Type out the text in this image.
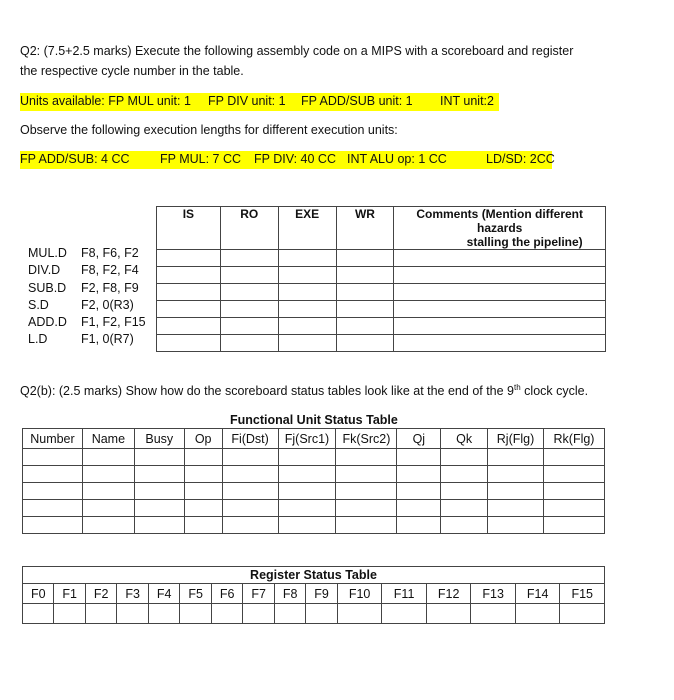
Q2: (7.5+2.5 marks) Execute the following assembly code on a MIPS with a scoreboard and register
the respective cycle number in the table.
Units available: FP MUL unit: 1 FP DIV unit: 1 FP ADD/SUB unit: 1 INT unit:2
Observe the following execution lengths for different execution units:
FP ADD/SUB: 4 CC FP MUL: 7 CC FP DIV: 40 CC INT ALU op: 1 CC	LD/SD: 2CC
MUL.D F8, F6, F2
DIV.D F8, F2, F4
SUB.D F2, F8, F9
S.D	F2, 0(R3)
ADD.D F1, F2, F15
L.D	F1, 0(R7)
IS	RO	EXE	WR	Comments (Mention different hazards
stalling the pipeline)

Q2(b): (2.5 marks) Show how do the scoreboard status tables look like at the end of the 9th clock cycle.
Functional Unit Status Table
Number	Name	Busy	Op	Fi(Dst)	Fj(Src1)	Fk(Src2)	Qj	Qk	Rj(Flg)	Rk(Flg)

Register Status Table															
F0	F1	F2	F3	F4	F5	F6	F7	F8	F9	F10	F11	F12	F13	F14	F15
